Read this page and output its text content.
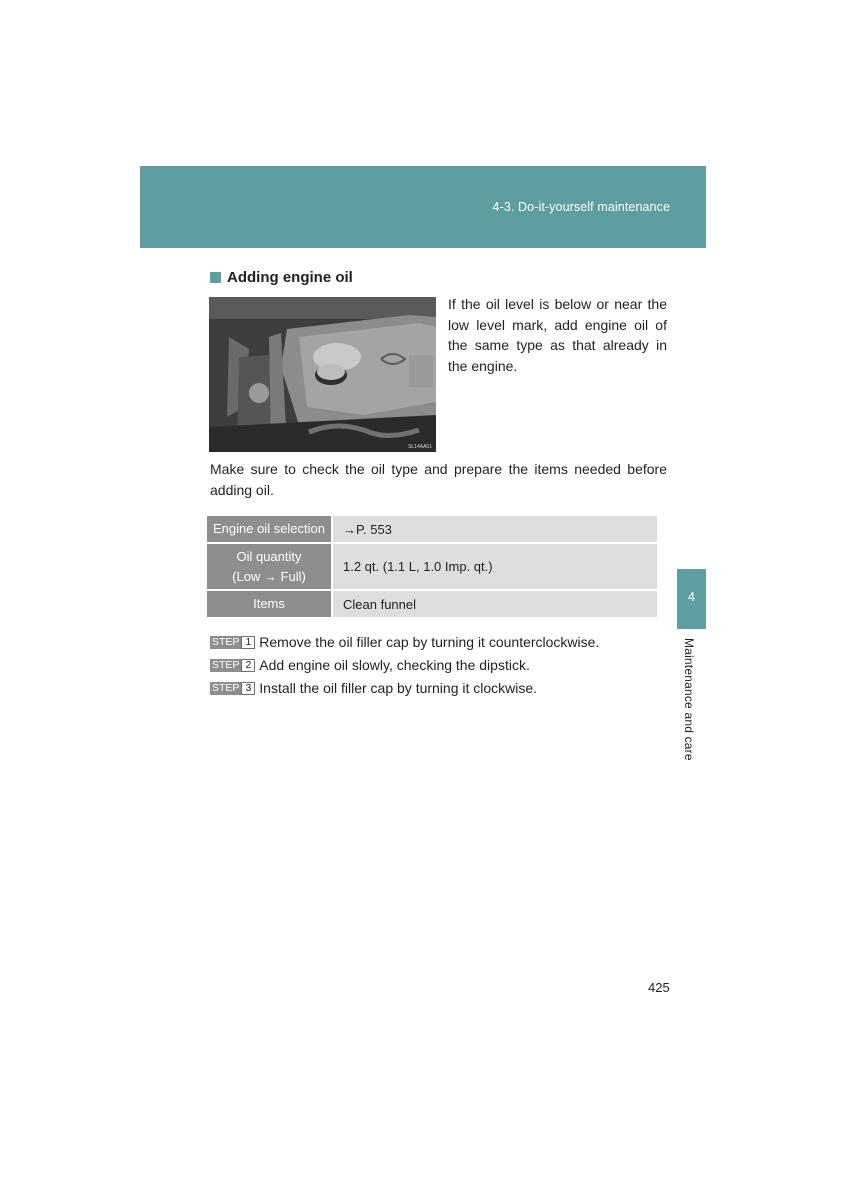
4-3. Do-it-yourself maintenance
Adding engine oil
SL14AA01
If the oil level is below or near the low level mark, add engine oil of the same type as that already in the engine.
Make sure to check the oil type and prepare the items needed before adding oil.
Engine oil selection	→P. 553

Oil quantity
(Low → Full)	1.2 qt. (1.1 L, 1.0 Imp. qt.)
Items	Clean funnel
STEP 1 Remove the oil filler cap by turning it counterclockwise.
STEP 2 Add engine oil slowly, checking the dipstick.
STEP 3 Install the oil filler cap by turning it clockwise.
4
Maintenance and care
425
